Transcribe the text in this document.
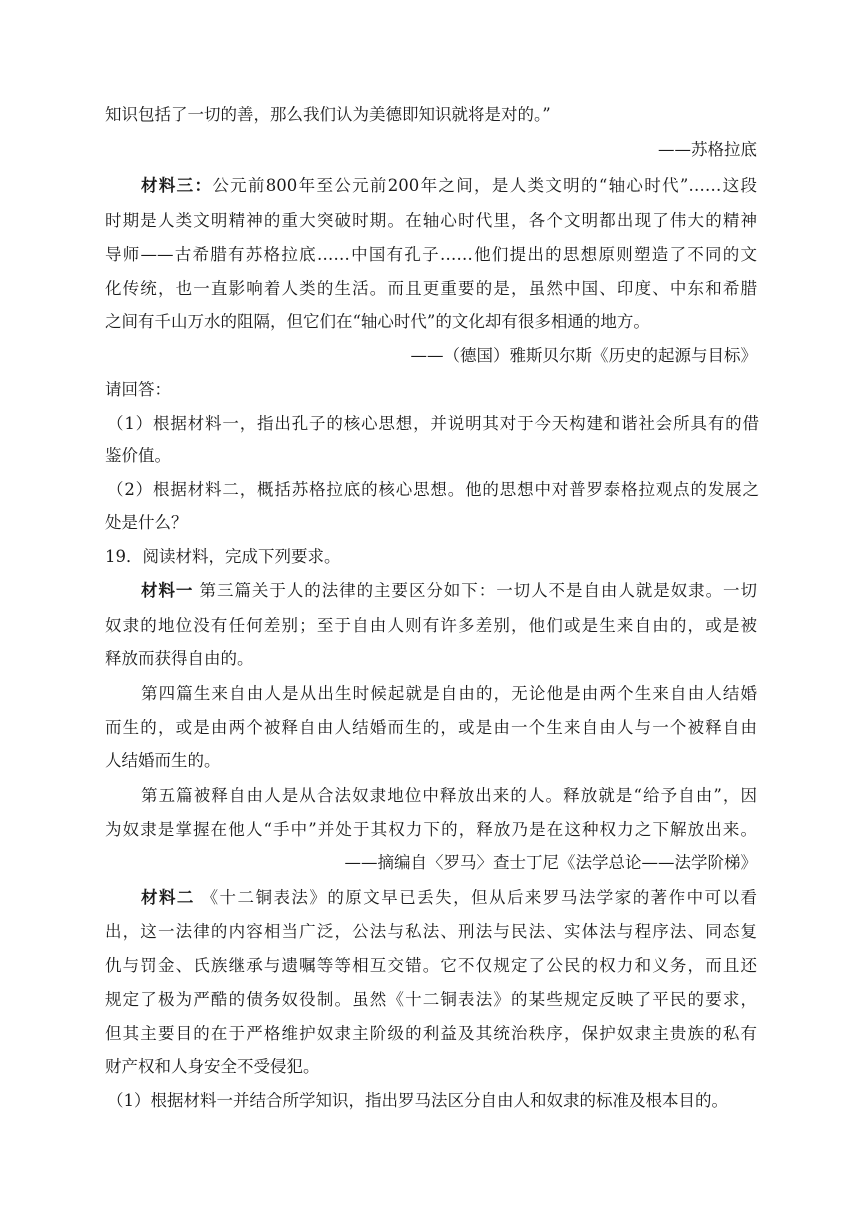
知识包括了一切的善，那么我们认为美德即知识就将是对的。”
——苏格拉底
材料三：公元前800年至公元前200年之间，是人类文明的“轴心时代”……这段
时期是人类文明精神的重大突破时期。在轴心时代里，各个文明都出现了伟大的精神
导师——古希腊有苏格拉底……中国有孔子……他们提出的思想原则塑造了不同的文
化传统，也一直影响着人类的生活。而且更重要的是，虽然中国、印度、中东和希腊
之间有千山万水的阻隔，但它们在“轴心时代”的文化却有很多相通的地方。
——（德国）雅斯贝尔斯《历史的起源与目标》
请回答：
（1）根据材料一，指出孔子的核心思想，并说明其对于今天构建和谐社会所具有的借
鉴价值。
（2）根据材料二，概括苏格拉底的核心思想。他的思想中对普罗泰格拉观点的发展之
处是什么？
19．阅读材料，完成下列要求。
材料一 第三篇关于人的法律的主要区分如下：一切人不是自由人就是奴隶。一切
奴隶的地位没有任何差别；至于自由人则有许多差别，他们或是生来自由的，或是被
释放而获得自由的。
第四篇生来自由人是从出生时候起就是自由的，无论他是由两个生来自由人结婚
而生的，或是由两个被释自由人结婚而生的，或是由一个生来自由人与一个被释自由
人结婚而生的。
第五篇被释自由人是从合法奴隶地位中释放出来的人。释放就是“给予自由”，因
为奴隶是掌握在他人“手中”并处于其权力下的，释放乃是在这种权力之下解放出来。
——摘编自〈罗马〉查士丁尼《法学总论——法学阶梯》
材料二 《十二铜表法》的原文早已丢失，但从后来罗马法学家的著作中可以看
出，这一法律的内容相当广泛，公法与私法、刑法与民法、实体法与程序法、同态复
仇与罚金、氏族继承与遗嘱等等相互交错。它不仅规定了公民的权力和义务，而且还
规定了极为严酷的债务奴役制。虽然《十二铜表法》的某些规定反映了平民的要求，
但其主要目的在于严格维护奴隶主阶级的利益及其统治秩序，保护奴隶主贵族的私有
财产权和人身安全不受侵犯。
（1）根据材料一并结合所学知识，指出罗马法区分自由人和奴隶的标准及根本目的。
